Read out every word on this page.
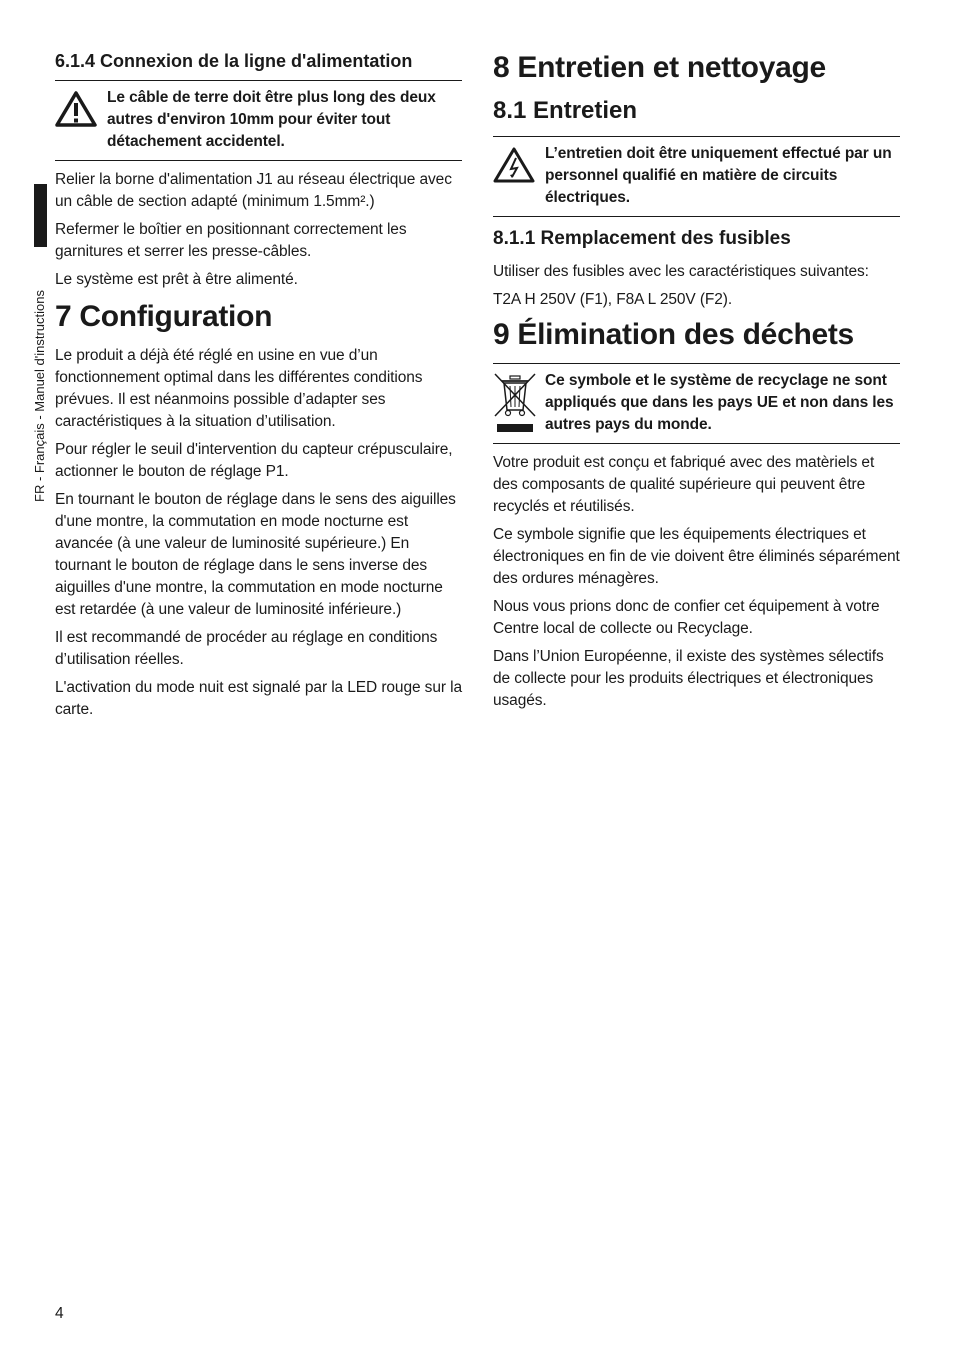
FR - Français - Manuel d'instructions
6.1.4 Connexion de la ligne d'alimentation
Le câble de terre doit être plus long des deux autres d'environ 10mm pour éviter tout détachement accidentel.

Relier la borne d'alimentation J1 au réseau électrique avec un câble de section adapté (minimum 1.5mm².)

Refermer le boîtier en positionnant correctement les garnitures et serrer les presse-câbles.

Le système est prêt à être alimenté.

7 Configuration

Le produit a déjà été réglé en usine en vue d’un fonctionnement optimal dans les différentes conditions prévues. Il est néanmoins possible d’adapter ses caractéristiques à la situation d’utilisation.

Pour régler le seuil d'intervention du capteur crépusculaire, actionner le bouton de réglage P1.

En tournant le bouton de réglage dans le sens des aiguilles d'une montre, la commutation en mode nocturne est avancée (à une valeur de luminosité supérieure.) En tournant le bouton de réglage dans le sens inverse des aiguilles d'une montre, la commutation en mode nocturne est retardée (à une valeur de luminosité inférieure.)

Il est recommandé de procéder au réglage en conditions d’utilisation réelles.

L'activation du mode nuit est signalé par la LED rouge sur la carte.

8 Entretien et nettoyage
8.1 Entretien
L’entretien doit être uniquement effectué par un personnel qualifié en matière de circuits électriques.
8.1.1 Remplacement des fusibles

Utiliser des fusibles avec les caractéristiques suivantes:

T2A H 250V (F1), F8A L 250V (F2).

9 Élimination des déchets
Ce symbole et le système de recyclage ne sont appliqués que dans les pays UE et non dans les autres pays du monde.

Votre produit est conçu et fabriqué avec des matèriels et des composants de qualité supérieure qui peuvent être recyclés et réutilisés.

Ce symbole signifie que les équipements électriques et électroniques en fin de vie doivent être éliminés séparément des ordures ménagères.

Nous vous prions donc de confier cet équipement à votre Centre local de collecte ou Recyclage.

Dans l’Union Européenne, il existe des systèmes sélectifs de collecte pour les produits électriques et électroniques usagés.

4
